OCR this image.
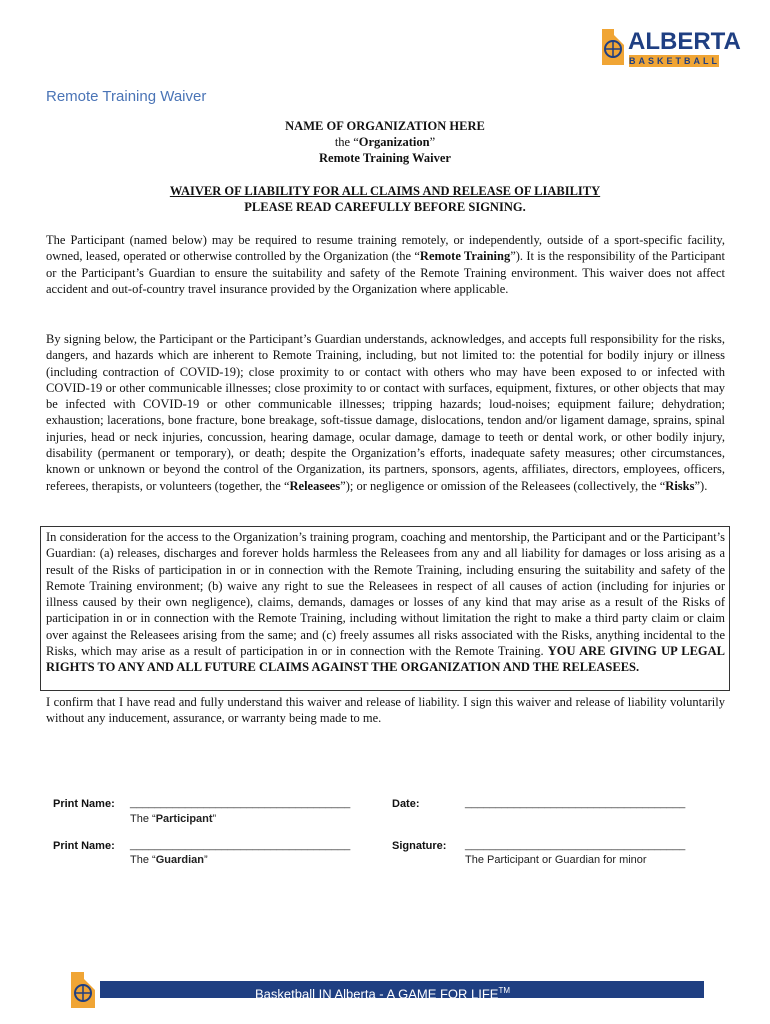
ALBERTA
BASKETBALL
Remote Training Waiver
NAME OF ORGANIZATION HERE
the “Organization”
Remote Training Waiver
WAIVER OF LIABILITY FOR ALL CLAIMS AND RELEASE OF LIABILITY
PLEASE READ CAREFULLY BEFORE SIGNING.

The Participant (named below) may be required to resume training remotely, or independently, outside of a sport-specific facility, owned, leased, operated or otherwise controlled by the Organization (the “Remote Training”). It is the responsibility of the Participant or the Participant’s Guardian to ensure the suitability and safety of the Remote Training environment. This waiver does not affect accident and out-of-country travel insurance provided by the Organization where applicable.

By signing below, the Participant or the Participant’s Guardian understands, acknowledges, and accepts full responsibility for the risks, dangers, and hazards which are inherent to Remote Training, including, but not limited to: the potential for bodily injury or illness (including contraction of COVID-19); close proximity to or contact with others who may have been exposed to or infected with COVID-19 or other communicable illnesses; close proximity to or contact with surfaces, equipment, fixtures, or other objects that may be infected with COVID-19 or other communicable illnesses; tripping hazards; loud-noises; equipment failure; dehydration; exhaustion; lacerations, bone fracture, bone breakage, soft-tissue damage, dislocations, tendon and/or ligament damage, sprains, spinal injuries, head or neck injuries, concussion, hearing damage, ocular damage, damage to teeth or dental work, or other bodily injury, disability (permanent or temporary), or death; despite the Organization’s efforts, inadequate safety measures; other circumstances, known or unknown or beyond the control of the Organization, its partners, sponsors, agents, affiliates, directors, employees, officers, referees, therapists, or volunteers (together, the “Releasees”); or negligence or omission of the Releasees (collectively, the “Risks”).

In consideration for the access to the Organization’s training program, coaching and mentorship, the Participant and or the Participant’s Guardian: (a) releases, discharges and forever holds harmless the Releasees from any and all liability for damages or loss arising as a result of the Risks of participation in or in connection with the Remote Training, including ensuring the suitability and safety of the Remote Training environment; (b) waive any right to sue the Releasees in respect of all causes of action (including for injuries or illness caused by their own negligence), claims, demands, damages or losses of any kind that may arise as a result of the Risks of participation in or in connection with the Remote Training, including without limitation the right to make a third party claim or claim over against the Releasees arising from the same; and (c) freely assumes all risks associated with the Risks, anything incidental to the Risks, which may arise as a result of participation in or in connection with the Remote Training. YOU ARE GIVING UP LEGAL RIGHTS TO ANY AND ALL FUTURE CLAIMS AGAINST THE ORGANIZATION AND THE RELEASEES.

I confirm that I have read and fully understand this waiver and release of liability. I sign this waiver and release of liability voluntarily without any inducement, assurance, or warranty being made to me.

Print Name: ____________________________________
The “Participant”
Date:	____________________________________
Print Name: ____________________________________
The “Guardian”
Signature: ____________________________________
The Participant or Guardian for minor
Basketball IN Alberta - A GAME FOR LIFE™
